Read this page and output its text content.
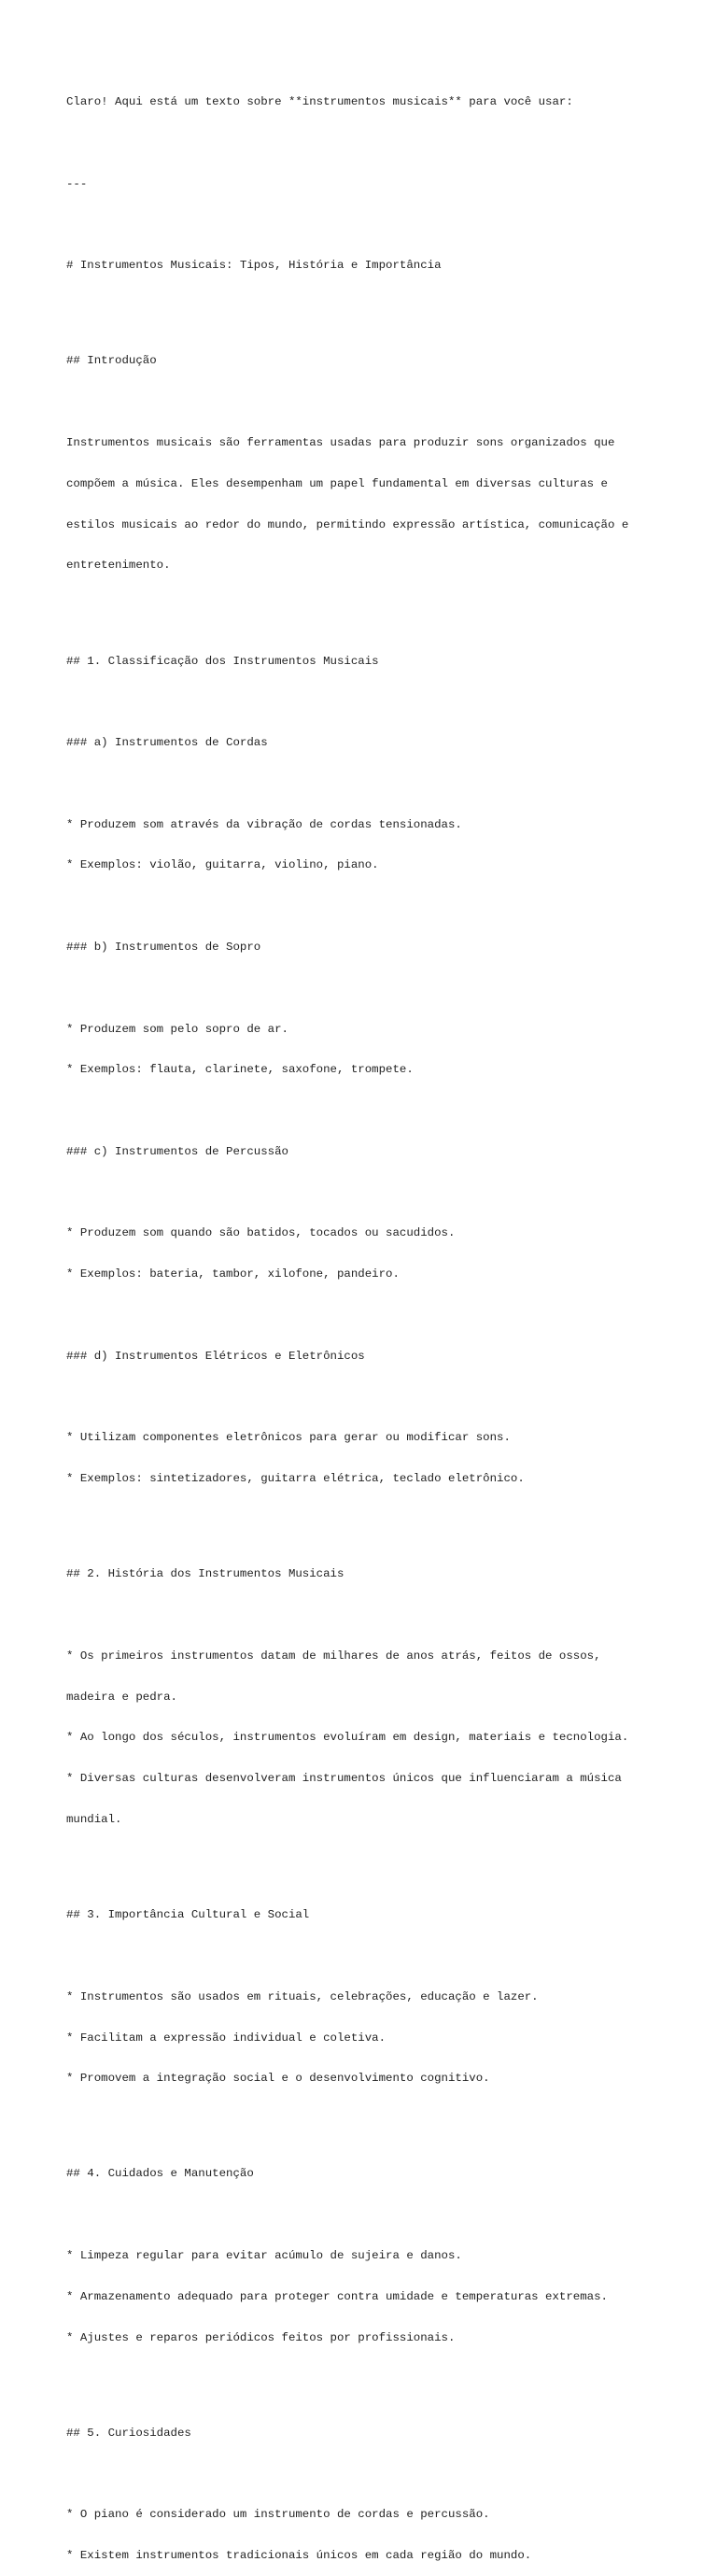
Claro! Aqui está um texto sobre **instrumentos musicais** para você usar:

---

# Instrumentos Musicais: Tipos, História e Importância

## Introdução

Instrumentos musicais são ferramentas usadas para produzir sons organizados que

compõem a música. Eles desempenham um papel fundamental em diversas culturas e

estilos musicais ao redor do mundo, permitindo expressão artística, comunicação e

entretenimento.

## 1. Classificação dos Instrumentos Musicais

### a) Instrumentos de Cordas

* Produzem som através da vibração de cordas tensionadas.

* Exemplos: violão, guitarra, violino, piano.

### b) Instrumentos de Sopro

* Produzem som pelo sopro de ar.

* Exemplos: flauta, clarinete, saxofone, trompete.

### c) Instrumentos de Percussão

* Produzem som quando são batidos, tocados ou sacudidos.

* Exemplos: bateria, tambor, xilofone, pandeiro.

### d) Instrumentos Elétricos e Eletrônicos

* Utilizam componentes eletrônicos para gerar ou modificar sons.

* Exemplos: sintetizadores, guitarra elétrica, teclado eletrônico.

## 2. História dos Instrumentos Musicais

* Os primeiros instrumentos datam de milhares de anos atrás, feitos de ossos,

madeira e pedra.

* Ao longo dos séculos, instrumentos evoluíram em design, materiais e tecnologia.

* Diversas culturas desenvolveram instrumentos únicos que influenciaram a música

mundial.

## 3. Importância Cultural e Social

* Instrumentos são usados em rituais, celebrações, educação e lazer.

* Facilitam a expressão individual e coletiva.

* Promovem a integração social e o desenvolvimento cognitivo.

## 4. Cuidados e Manutenção

* Limpeza regular para evitar acúmulo de sujeira e danos.

* Armazenamento adequado para proteger contra umidade e temperaturas extremas.

* Ajustes e reparos periódicos feitos por profissionais.

## 5. Curiosidades

* O piano é considerado um instrumento de cordas e percussão.

* Existem instrumentos tradicionais únicos em cada região do mundo.
